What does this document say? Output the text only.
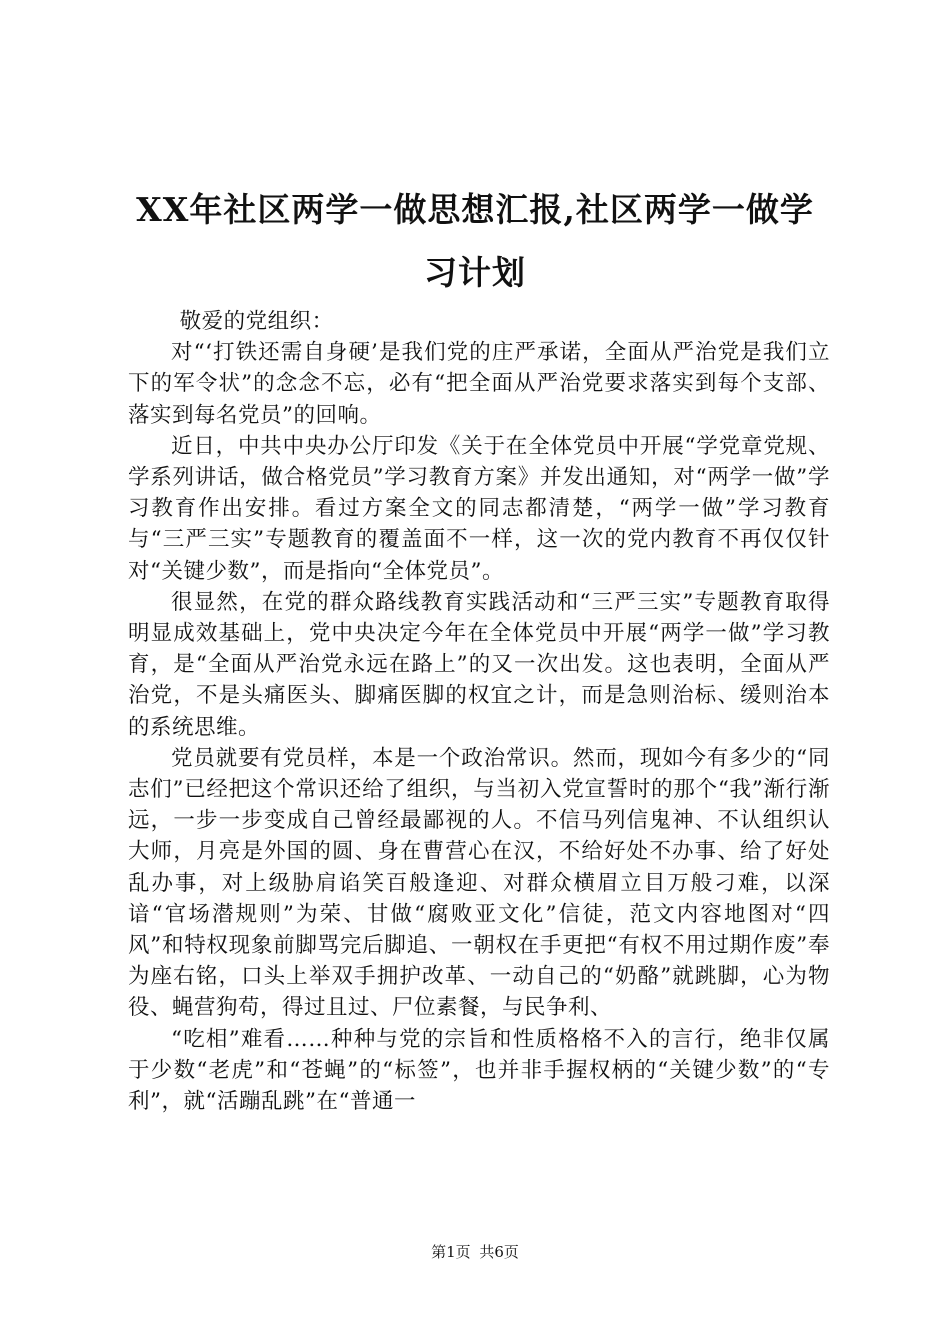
XX年社区两学一做思想汇报,社区两学一做学
习计划

敬爱的党组织：

对“‘打铁还需自身硬’是我们党的庄严承诺，全面从严治党是我们立下的军令状”的念念不忘，必有“把全面从严治党要求落实到每个支部、落实到每名党员”的回响。

近日，中共中央办公厅印发《关于在全体党员中开展“学党章党规、学系列讲话，做合格党员”学习教育方案》并发出通知，对“两学一做”学习教育作出安排。看过方案全文的同志都清楚，“两学一做”学习教育与“三严三实”专题教育的覆盖面不一样，这一次的党内教育不再仅仅针对“关键少数”，而是指向“全体党员”。

很显然，在党的群众路线教育实践活动和“三严三实”专题教育取得明显成效基础上，党中央决定今年在全体党员中开展“两学一做”学习教育，是“全面从严治党永远在路上”的又一次出发。这也表明，全面从严治党，不是头痛医头、脚痛医脚的权宜之计，而是急则治标、缓则治本的系统思维。

党员就要有党员样，本是一个政治常识。然而，现如今有多少的“同志们”已经把这个常识还给了组织，与当初入党宣誓时的那个“我”渐行渐远，一步一步变成自己曾经最鄙视的人。不信马列信鬼神、不认组织认大师，月亮是外国的圆、身在曹营心在汉，不给好处不办事、给了好处乱办事，对上级胁肩谄笑百般逢迎、对群众横眉立目万般刁难，以深谙“官场潜规则”为荣、甘做“腐败亚文化”信徒，范文内容地图对“四风”和特权现象前脚骂完后脚追、一朝权在手更把“有权不用过期作废”奉为座右铭，口头上举双手拥护改革、一动自己的“奶酪”就跳脚，心为物役、蝇营狗苟，得过且过、尸位素餐，与民争利、

“吃相”难看……种种与党的宗旨和性质格格不入的言行，绝非仅属于少数“老虎”和“苍蝇”的“标签”，也并非手握权柄的“关键少数”的“专利”，就“活蹦乱跳”在“普通一

第1页 共6页
